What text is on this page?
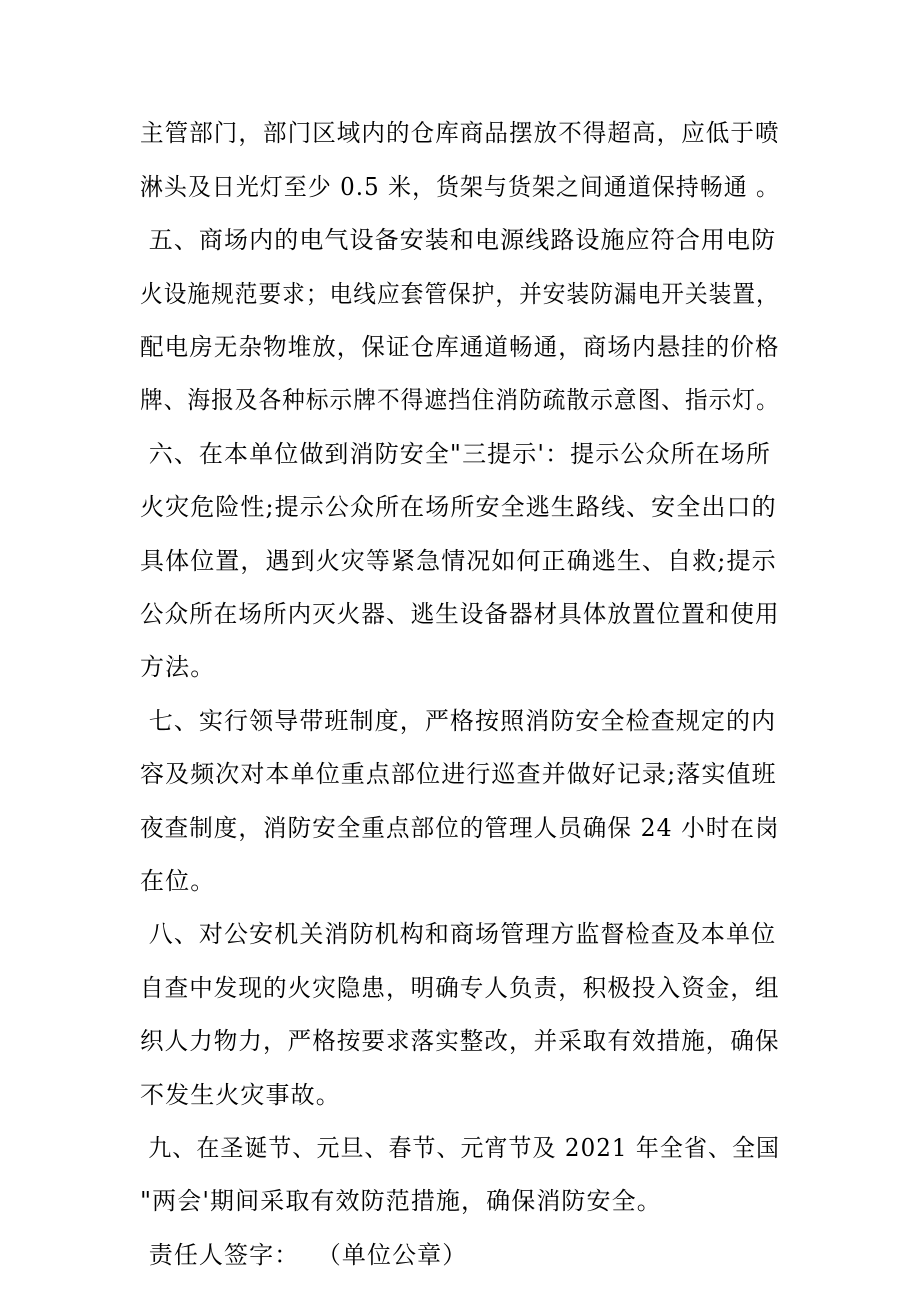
主管部门，部门区域内的仓库商品摆放不得超高，应低于喷
淋头及日光灯至少 0.5 米，货架与货架之间通道保持畅通 。
五、商场内的电气设备安装和电源线路设施应符合用电防
火设施规范要求；电线应套管保护，并安装防漏电开关装置，
配电房无杂物堆放，保证仓库通道畅通，商场内悬挂的价格
牌、海报及各种标示牌不得遮挡住消防疏散示意图、指示灯。
六、在本单位做到消防安全"三提示'：提示公众所在场所
火灾危险性;提示公众所在场所安全逃生路线、安全出口的
具体位置，遇到火灾等紧急情况如何正确逃生、自救;提示
公众所在场所内灭火器、逃生设备器材具体放置位置和使用
方法。
七、实行领导带班制度，严格按照消防安全检查规定的内
容及频次对本单位重点部位进行巡查并做好记录;落实值班
夜查制度，消防安全重点部位的管理人员确保 24 小时在岗
在位。
八、对公安机关消防机构和商场管理方监督检查及本单位
自查中发现的火灾隐患，明确专人负责，积极投入资金，组
织人力物力，严格按要求落实整改，并采取有效措施，确保
不发生火灾事故。
九、在圣诞节、元旦、春节、元宵节及 2021 年全省、全国
"两会'期间采取有效防范措施，确保消防安全。
责任人签字：  （单位公章）
